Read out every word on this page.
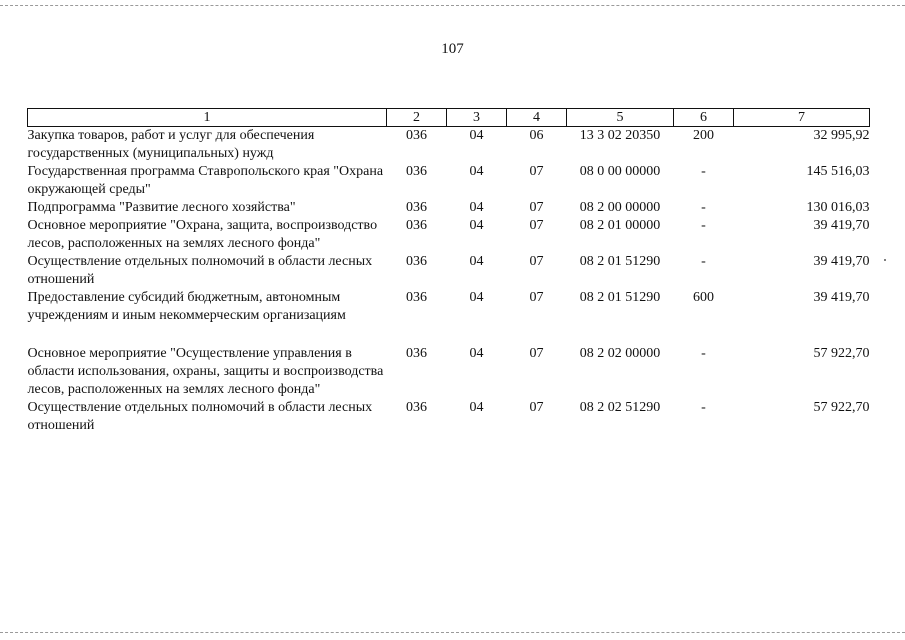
107
1	2	3	4	5	6	7
Закупка товаров, работ и услуг для обеспечения государственных (муниципальных) нужд	036	04	06	13 3 02 20350	200	32 995,92
Государственная программа Ставропольского края "Охрана окружающей среды"	036	04	07	08 0 00 00000	-	145 516,03
Подпрограмма "Развитие лесного хозяйства"	036	04	07	08 2 00 00000	-	130 016,03
Основное мероприятие "Охрана, защита, воспроизводство лесов, расположенных на землях лесного фонда"	036	04	07	08 2 01 00000	-	39 419,70
Осуществление отдельных полномочий в области лесных отношений	036	04	07	08 2 01 51290	-	39 419,70
Предоставление субсидий бюджетным, автономным учреждениям и иным некоммерческим организациям	036	04	07	08 2 01 51290	600	39 419,70
Основное мероприятие "Осуществление управления в области использования, охраны, защиты и воспроизводства лесов, расположенных на землях лесного фонда"	036	04	07	08 2 02 00000	-	57 922,70
Осуществление отдельных полномочий в области лесных отношений	036	04	07	08 2 02 51290	-	57 922,70
